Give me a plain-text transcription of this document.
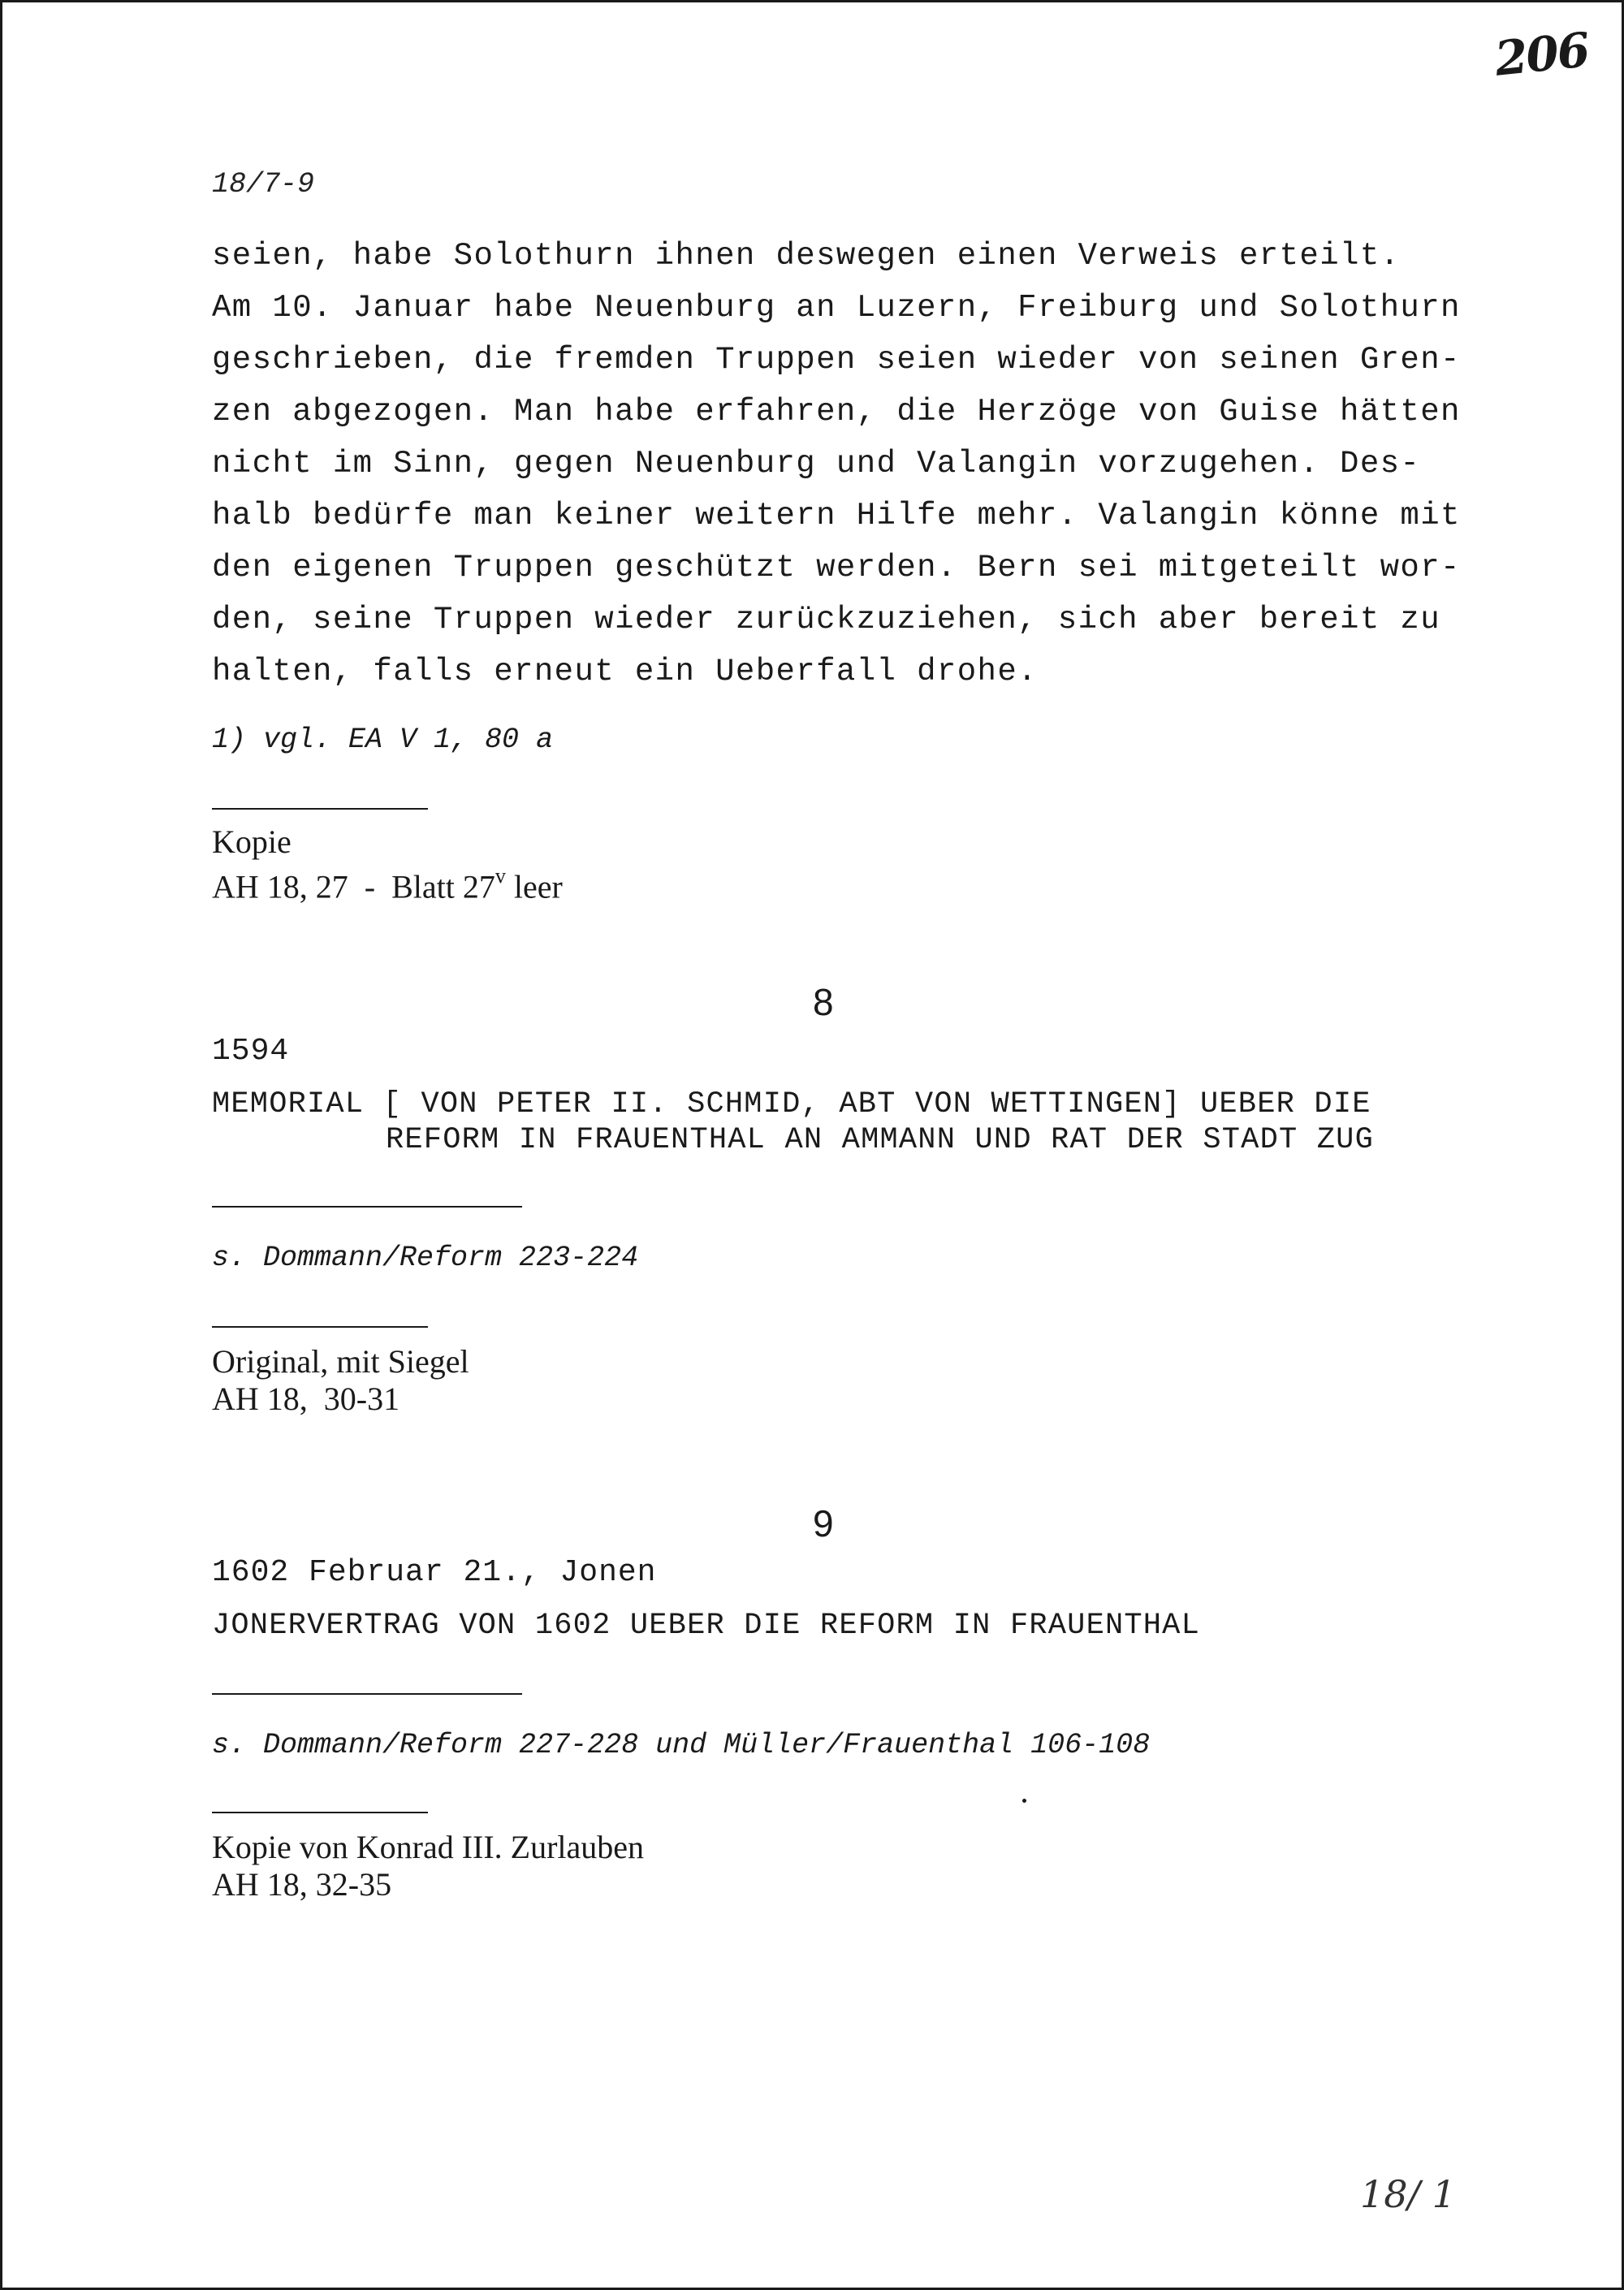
206
18/7-9
seien, habe Solothurn ihnen deswegen einen Verweis erteilt.
Am 10. Januar habe Neuenburg an Luzern, Freiburg und Solothurn
geschrieben, die fremden Truppen seien wieder von seinen Gren-
zen abgezogen. Man habe erfahren, die Herzöge von Guise hätten
nicht im Sinn, gegen Neuenburg und Valangin vorzugehen. Des-
halb bedürfe man keiner weitern Hilfe mehr. Valangin könne mit
den eigenen Truppen geschützt werden. Bern sei mitgeteilt wor-
den, seine Truppen wieder zurückzuziehen, sich aber bereit zu
halten, falls erneut ein Ueberfall drohe.
1) vgl. EA V 1, 80 a
Kopie
AH 18, 27  -  Blatt 27$^v$ leer
8
1594
MEMORIAL [ VON PETER II. SCHMID, ABT VON WETTINGEN] UEBER DIE
REFORM IN FRAUENTHAL AN AMMANN UND RAT DER STADT ZUG
s. Dommann/Reform 223-224
Original, mit Siegel
AH 18,  30-31
9
1602 Februar 21., Jonen
JONERVERTRAG VON 1602 UEBER DIE REFORM IN FRAUENTHAL
s. Dommann/Reform 227-228 und Müller/Frauenthal 106-108
Kopie von Konrad III. Zurlauben
AH 18, 32-35
18/ 1
